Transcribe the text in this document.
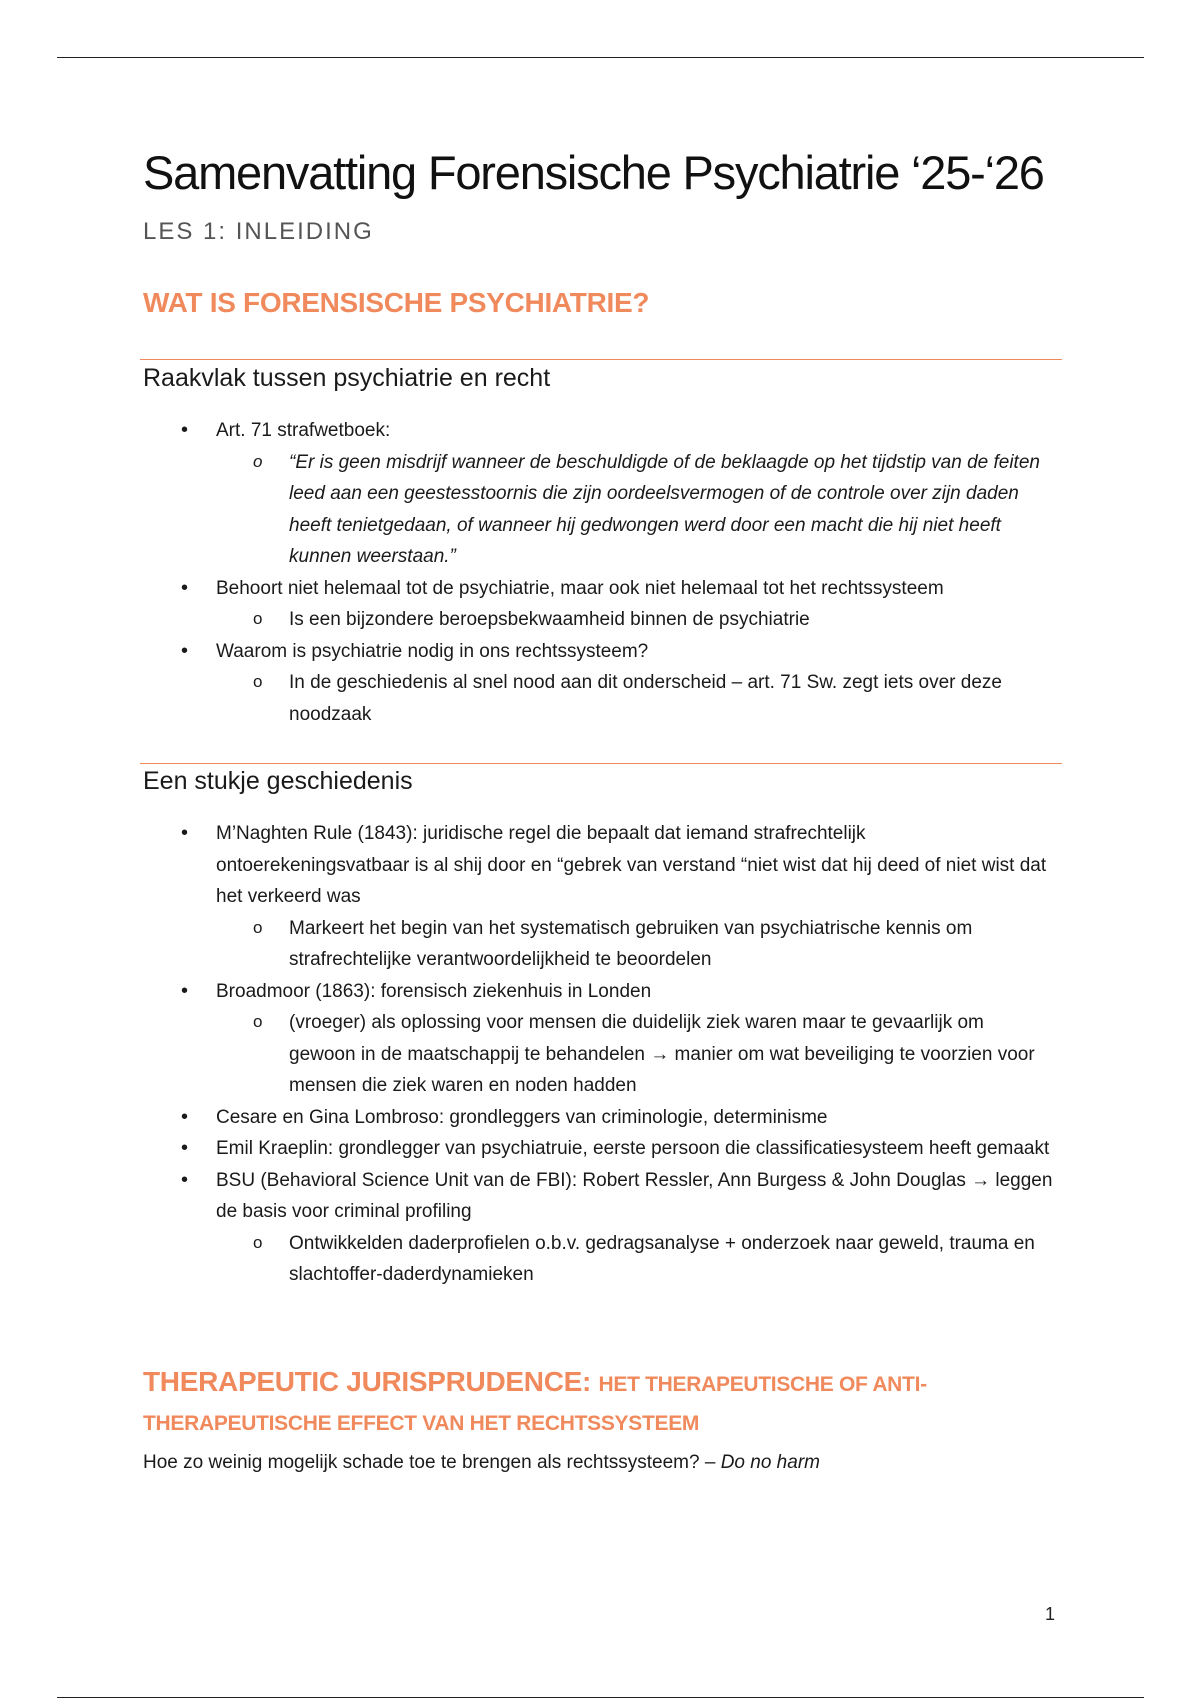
Samenvatting Forensische Psychiatrie ‘25-‘26

LES 1: INLEIDING

WAT IS FORENSISCHE PSYCHIATRIE?
Raakvlak tussen psychiatrie en recht
• Art. 71 strafwetboek:
o “Er is geen misdrijf wanneer de beschuldigde of de beklaagde op het tijdstip van de feiten leed aan een geestesstoornis die zijn oordeelsvermogen of de controle over zijn daden heeft tenietgedaan, of wanneer hij gedwongen werd door een macht die hij niet heeft kunnen weerstaan.”
• Behoort niet helemaal tot de psychiatrie, maar ook niet helemaal tot het rechtssysteem
o Is een bijzondere beroepsbekwaamheid binnen de psychiatrie
• Waarom is psychiatrie nodig in ons rechtssysteem?
o In de geschiedenis al snel nood aan dit onderscheid – art. 71 Sw. zegt iets over deze noodzaak
Een stukje geschiedenis
• M’Naghten Rule (1843): juridische regel die bepaalt dat iemand strafrechtelijk ontoerekeningsvatbaar is al shij door en “gebrek van verstand “niet wist dat hij deed of niet wist dat het verkeerd was
o Markeert het begin van het systematisch gebruiken van psychiatrische kennis om strafrechtelijke verantwoordelijkheid te beoordelen
• Broadmoor (1863): forensisch ziekenhuis in Londen
o (vroeger) als oplossing voor mensen die duidelijk ziek waren maar te gevaarlijk om gewoon in de maatschappij te behandelen → manier om wat beveiliging te voorzien voor mensen die ziek waren en noden hadden
• Cesare en Gina Lombroso: grondleggers van criminologie, determinisme
• Emil Kraeplin: grondlegger van psychiatruie, eerste persoon die classificatiesysteem heeft gemaakt
• BSU (Behavioral Science Unit van de FBI): Robert Ressler, Ann Burgess & John Douglas → leggen de basis voor criminal profiling
o Ontwikkelden daderprofielen o.b.v. gedragsanalyse + onderzoek naar geweld, trauma en slachtoffer-daderdynamieken
THERAPEUTIC JURISPRUDENCE: HET THERAPEUTISCHE OF ANTI-
THERAPEUTISCHE EFFECT VAN HET RECHTSSYSTEEM

Hoe zo weinig mogelijk schade toe te brengen als rechtssysteem? – Do no harm

1
